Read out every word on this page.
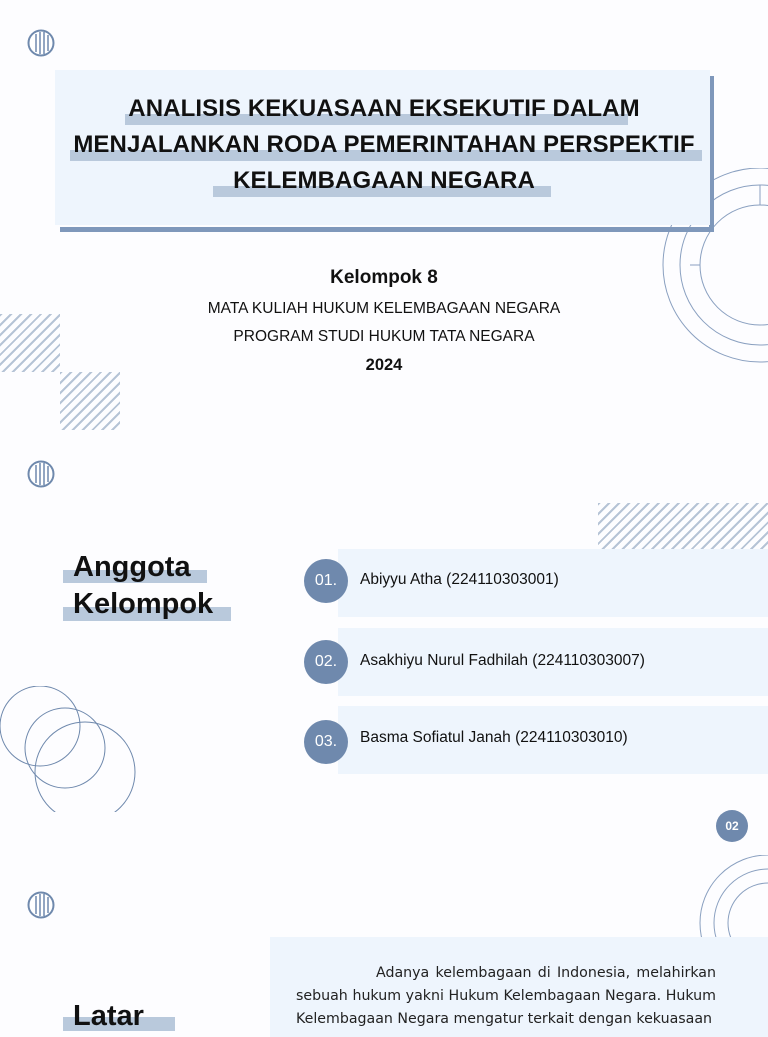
ANALISIS KEKUASAAN EKSEKUTIF DALAM
MENJALANKAN RODA PEMERINTAHAN PERSPEKTIF
KELEMBAGAAN NEGARA
Kelompok 8
MATA KULIAH HUKUM KELEMBAGAAN NEGARA
PROGRAM STUDI HUKUM TATA NEGARA
2024
Anggota
Kelompok
01.	Abiyyu Atha (224110303001)
02.	Asakhiyu Nurul Fadhilah (224110303007)
03.	Basma Sofiatul Janah (224110303010)
02
Adanya kelembagaan di Indonesia, melahirkan sebuah hukum yakni Hukum Kelembagaan Negara. Hukum Kelembagaan Negara mengatur terkait dengan kekuasaan
Latar
